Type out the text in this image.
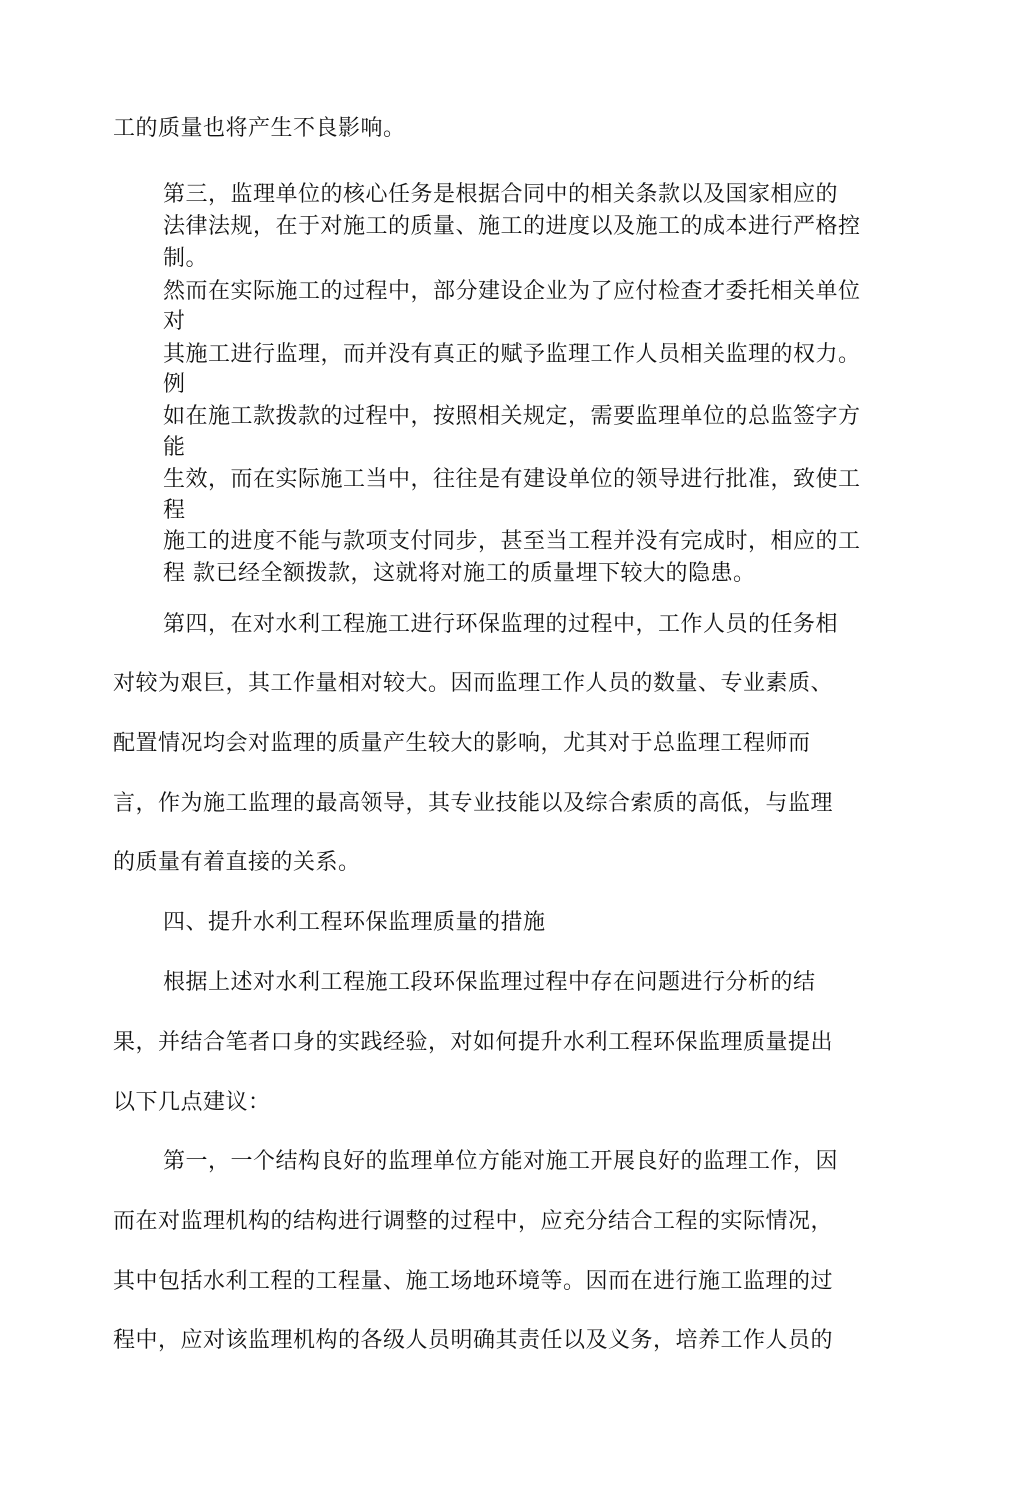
工的质量也将产生不良影响。
第三，监理单位的核心任务是根据合同中的相关条款以及国家相应的
法律法规，在于对施工的质量、施工的进度以及施工的成本进行严格控
制。
然而在实际施工的过程中，部分建设企业为了应付检查才委托相关单位
对
其施工进行监理，而并没有真正的赋予监理工作人员相关监理的权力。
例
如在施工款拨款的过程中，按照相关规定，需要监理单位的总监签字方
能
生效，而在实际施工当中，往往是有建设单位的领导进行批准，致使工
程
施工的进度不能与款项支付同步，甚至当工程并没有完成时，相应的工
程 款已经全额拨款，这就将对施工的质量埋下较大的隐患。
第四，在对水利工程施工进行环保监理的过程中，工作人员的任务相
对较为艰巨，其工作量相对较大。因而监理工作人员的数量、专业素质、
配置情况均会对监理的质量产生较大的影响，尤其对于总监理工程师而
言，作为施工监理的最高领导，其专业技能以及综合索质的高低，与监理
的质量有着直接的关系。
四、提升水利工程环保监理质量的措施
根据上述对水利工程施工段环保监理过程中存在问题进行分析的结
果，并结合笔者口身的实践经验，对如何提升水利工程环保监理质量提出
以下几点建议：
第一，一个结构良好的监理单位方能对施工开展良好的监理工作，因
而在对监理机构的结构进行调整的过程中，应充分结合工程的实际情况，
其中包括水利工程的工程量、施工场地环境等。因而在进行施工监理的过
程中，应对该监理机构的各级人员明确其责任以及义务，培养工作人员的
